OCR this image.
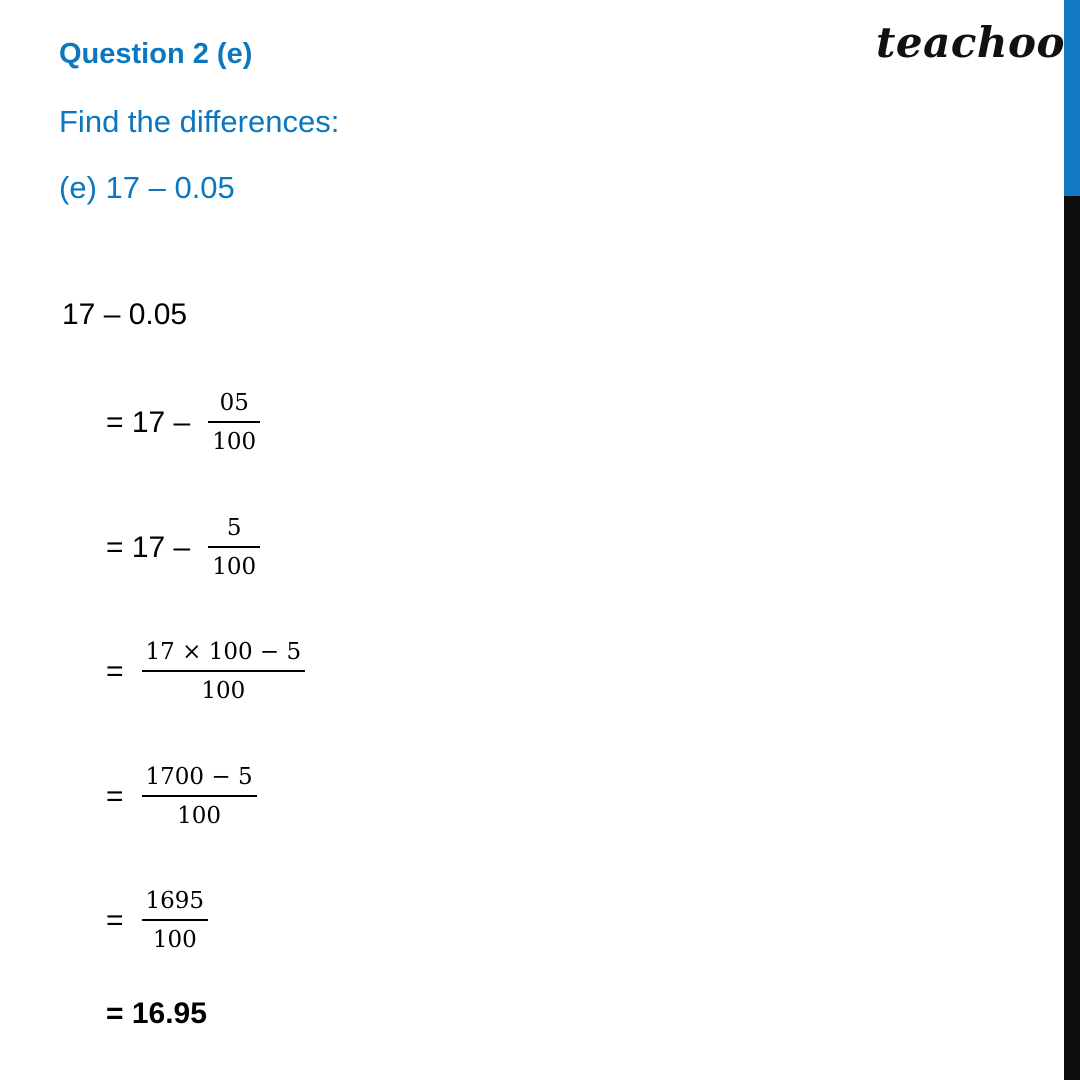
Question 2 (e)	teachoo
Find the differences:
(e) 17 – 0.05
17 – 0.05
= $17 - \frac{05}{100}$
= $17 - \frac{5}{100}$
= $\frac{17 \times 100 - 5}{100}$
= $\frac{1700 - 5}{100}$
= $\frac{1695}{100}$
= 16.95
